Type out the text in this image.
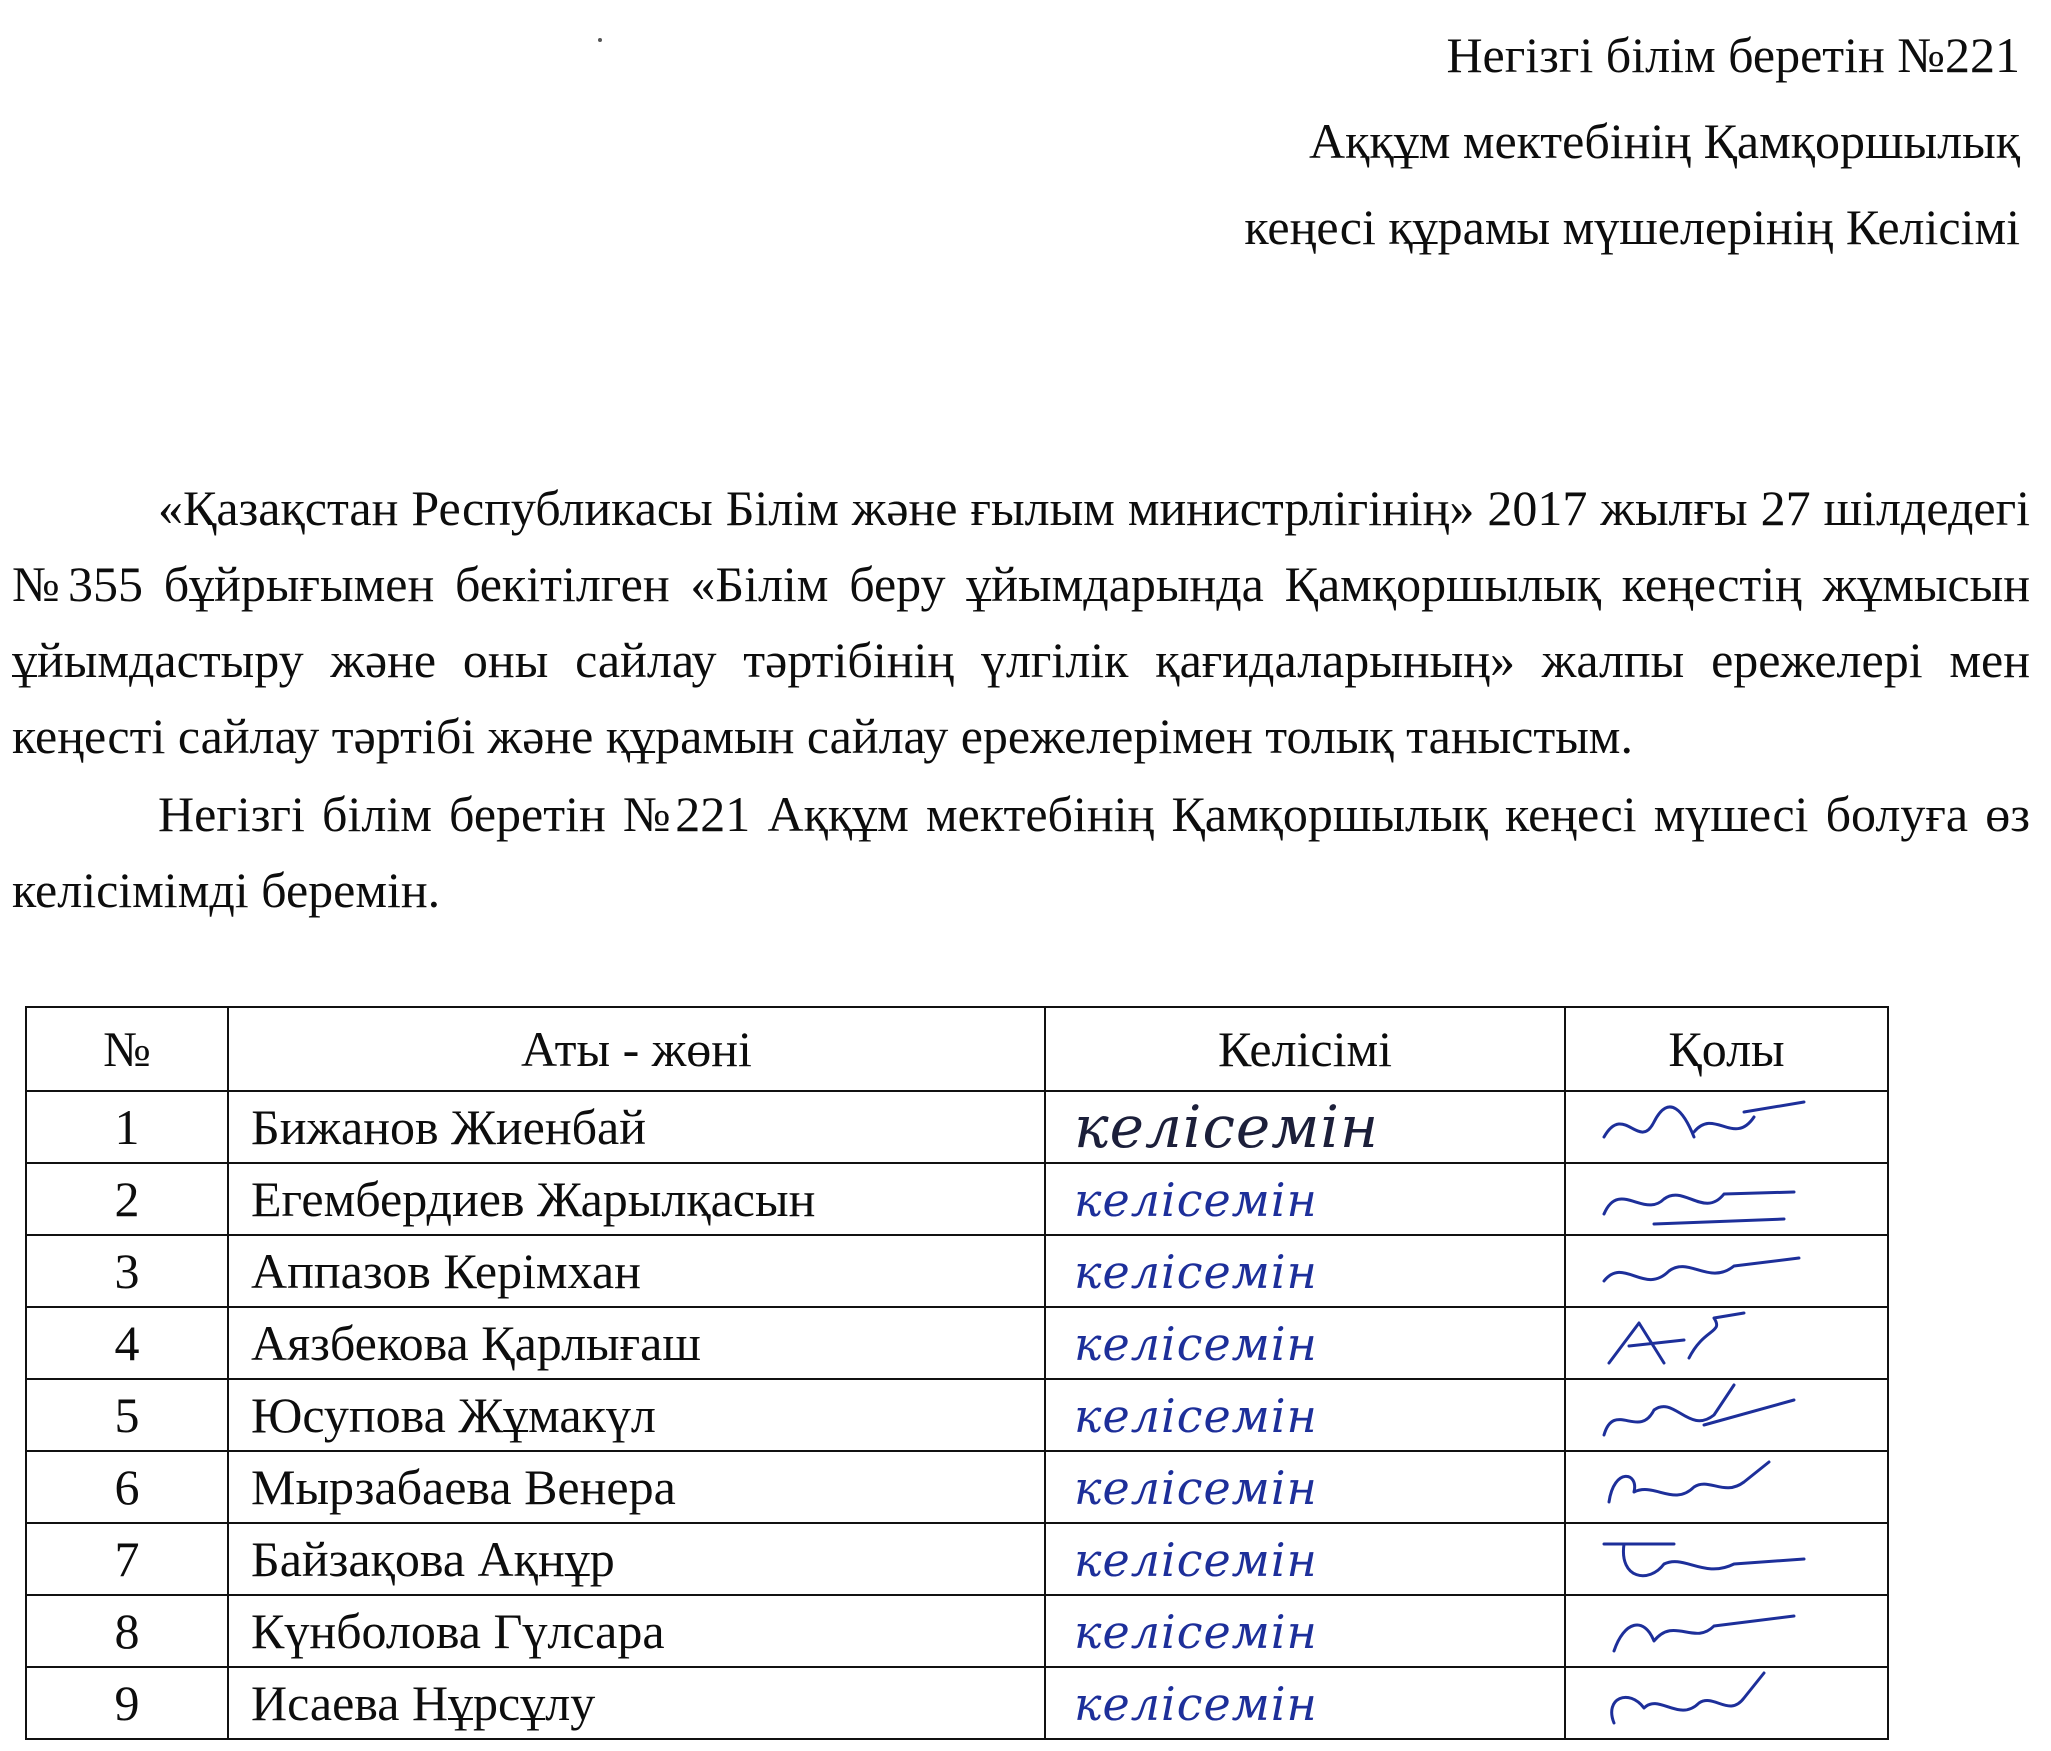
Негізгі білім беретін №221
Аққұм мектебінің Қамқоршылық
кеңесі құрамы мүшелерінің Келісімі

«Қазақстан Республикасы Білім және ғылым министрлігінің» 2017 жылғы 27 шілдедегі №355 бұйрығымен бекітілген «Білім беру ұйымдарында Қамқоршылық кеңестің жұмысын ұйымдастыру және оны сайлау тәртібінің үлгілік қағидаларының» жалпы ережелері мен кеңесті сайлау тәртібі және құрамын сайлау ережелерімен толық таныстым.

Негізгі білім беретін №221 Аққұм мектебінің Қамқоршылық кеңесі мүшесі болуға өз келісімімді беремін.

№	Аты - жөні	Келісімі	Қолы
1	Бижанов Жиенбай	келісемін	

2	Егембердиев Жарылқасын	келісемін	

3	Аппазов Керімхан	келісемін	

4	Аязбекова Қарлығаш	келісемін	

5	Юсупова Жұмакүл	келісемін	

6	Мырзабаева Венера	келісемін	

7	Байзақова Ақнұр	келісемін	

8	Күнболова Гүлсара	келісемін	

9	Исаева Нұрсұлу	келісемін	
